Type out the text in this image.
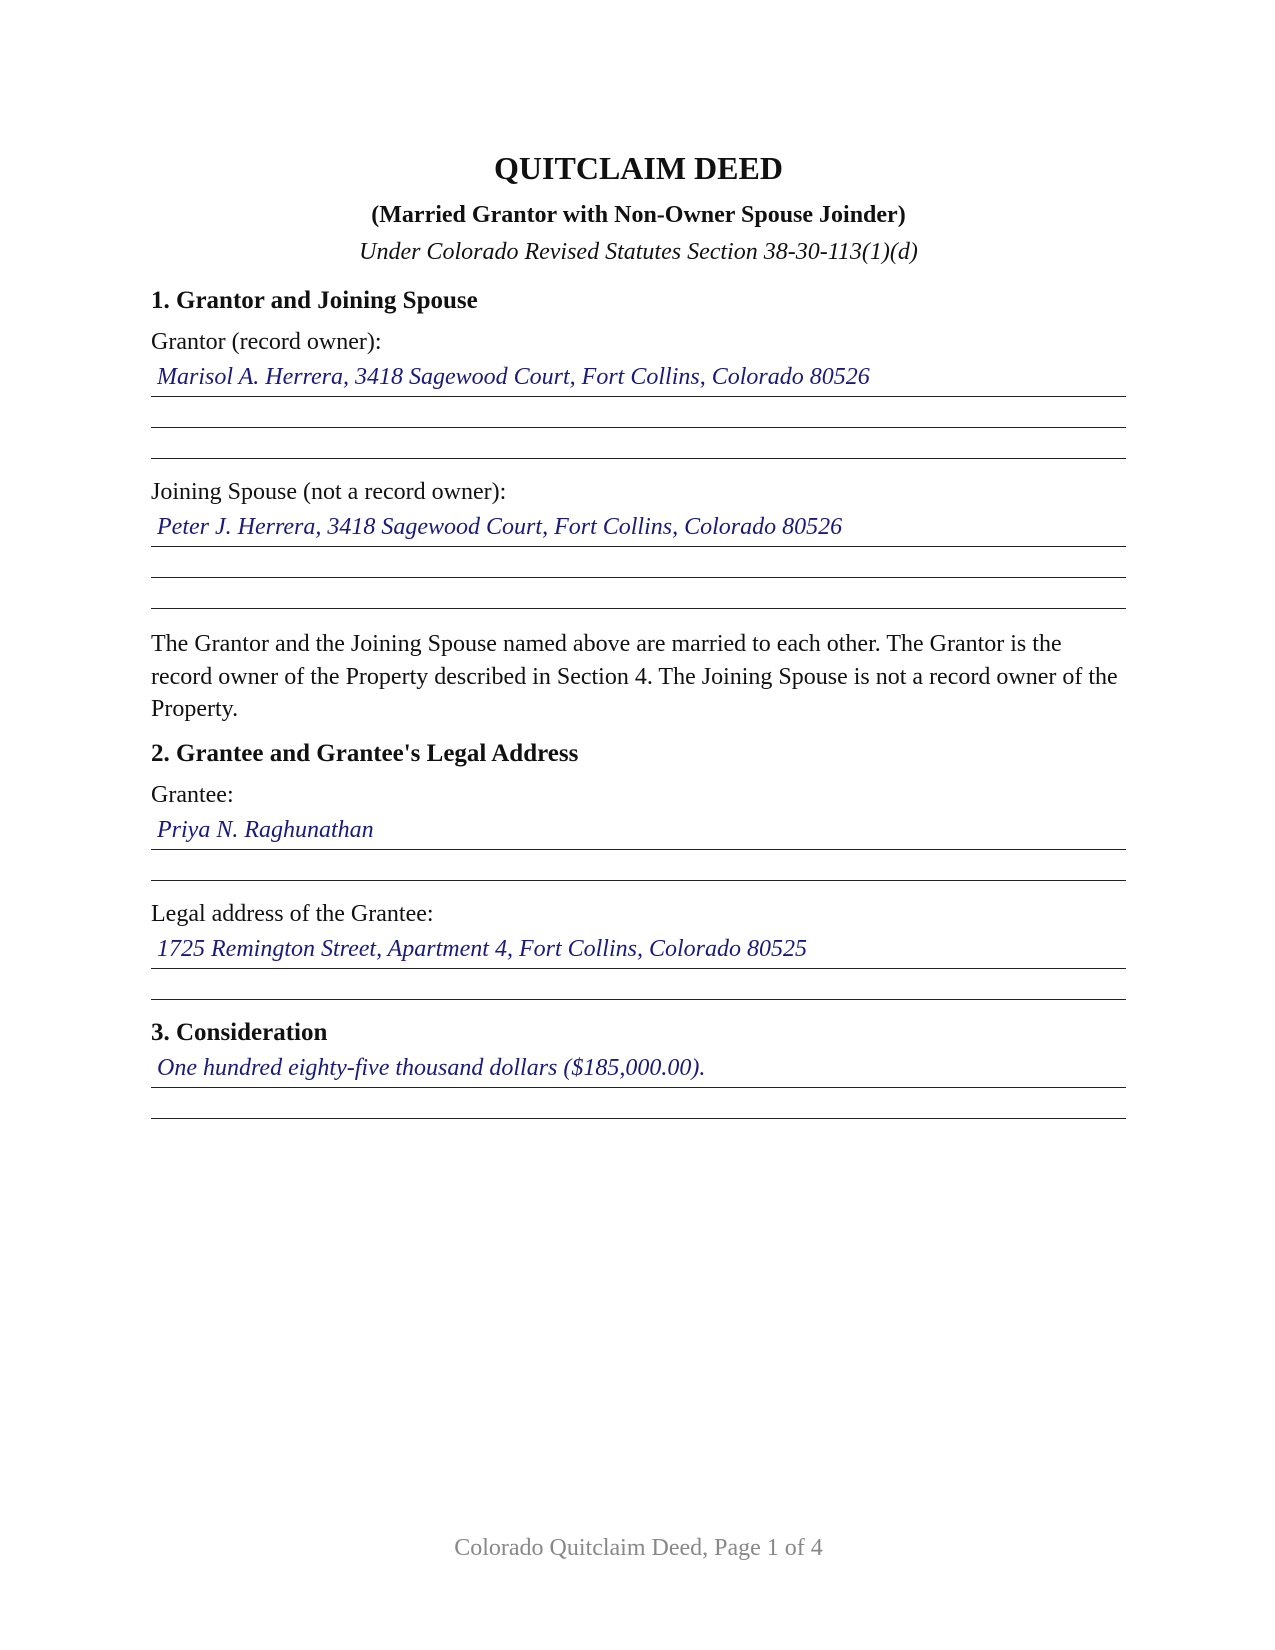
QUITCLAIM DEED
(Married Grantor with Non-Owner Spouse Joinder)
Under Colorado Revised Statutes Section 38-30-113(1)(d)
1. Grantor and Joining Spouse
Grantor (record owner):
Marisol A. Herrera, 3418 Sagewood Court, Fort Collins, Colorado 80526
Joining Spouse (not a record owner):
Peter J. Herrera, 3418 Sagewood Court, Fort Collins, Colorado 80526
The Grantor and the Joining Spouse named above are married to each other. The Grantor is the record owner of the Property described in Section 4. The Joining Spouse is not a record owner of the Property.
2. Grantee and Grantee's Legal Address
Grantee:
Priya N. Raghunathan
Legal address of the Grantee:
1725 Remington Street, Apartment 4, Fort Collins, Colorado 80525
3. Consideration
One hundred eighty-five thousand dollars ($185,000.00).
Colorado Quitclaim Deed, Page 1 of 4
